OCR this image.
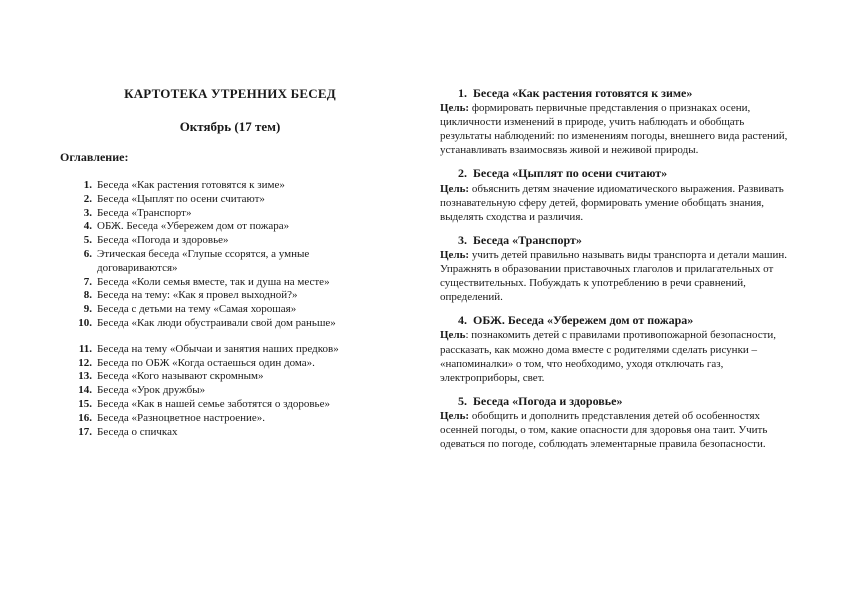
КАРТОТЕКА УТРЕННИХ БЕСЕД
Октябрь (17 тем)
Оглавление:
1. Беседа «Как растения готовятся к зиме»
2. Беседа «Цыплят по осени считают»
3. Беседа «Транспорт»
4. ОБЖ. Беседа «Убережем дом от пожара»
5. Беседа «Погода и здоровье»
6. Этическая беседа «Глупые ссорятся, а умные договариваются»
7. Беседа «Коли семья вместе, так и душа на месте»
8. Беседа на тему: «Как я провел выходной?»
9. Беседа с детьми на тему «Самая хорошая»
10. Беседа «Как люди обустраивали свой дом раньше»
11. Беседа на тему «Обычаи и занятия наших предков»
12. Беседа по ОБЖ «Когда остаешься один дома».
13. Беседа «Кого называют скромным»
14. Беседа «Урок дружбы»
15. Беседа «Как в нашей семье заботятся о здоровье»
16. Беседа «Разноцветное настроение».
17. Беседа о спичках
1. Беседа «Как растения готовятся к зиме»
Цель: формировать первичные представления о признаках осени, цикличности изменений в природе, учить наблюдать и обобщать результаты наблюдений: по изменениям погоды, внешнего вида растений, устанавливать взаимосвязь живой и неживой природы.
2. Беседа «Цыплят по осени считают»
Цель: объяснить детям значение идиоматического выражения. Развивать познавательную сферу детей, формировать умение обобщать знания, выделять сходства и различия.
3. Беседа «Транспорт»
Цель: учить детей правильно называть виды транспорта и детали машин. Упражнять в образовании приставочных глаголов и прилагательных от существительных. Побуждать к употреблению в речи сравнений, определений.
4. ОБЖ. Беседа «Убережем дом от пожара»
Цель: познакомить детей с правилами противопожарной безопасности, рассказать, как можно дома вместе с родителями сделать рисунки – «напоминалки» о том, что необходимо, уходя отключать газ, электроприборы, свет.
5. Беседа «Погода и здоровье»
Цель: обобщить и дополнить представления детей об особенностях осенней погоды, о том, какие опасности для здоровья она таит. Учить одеваться по погоде, соблюдать элементарные правила безопасности.
